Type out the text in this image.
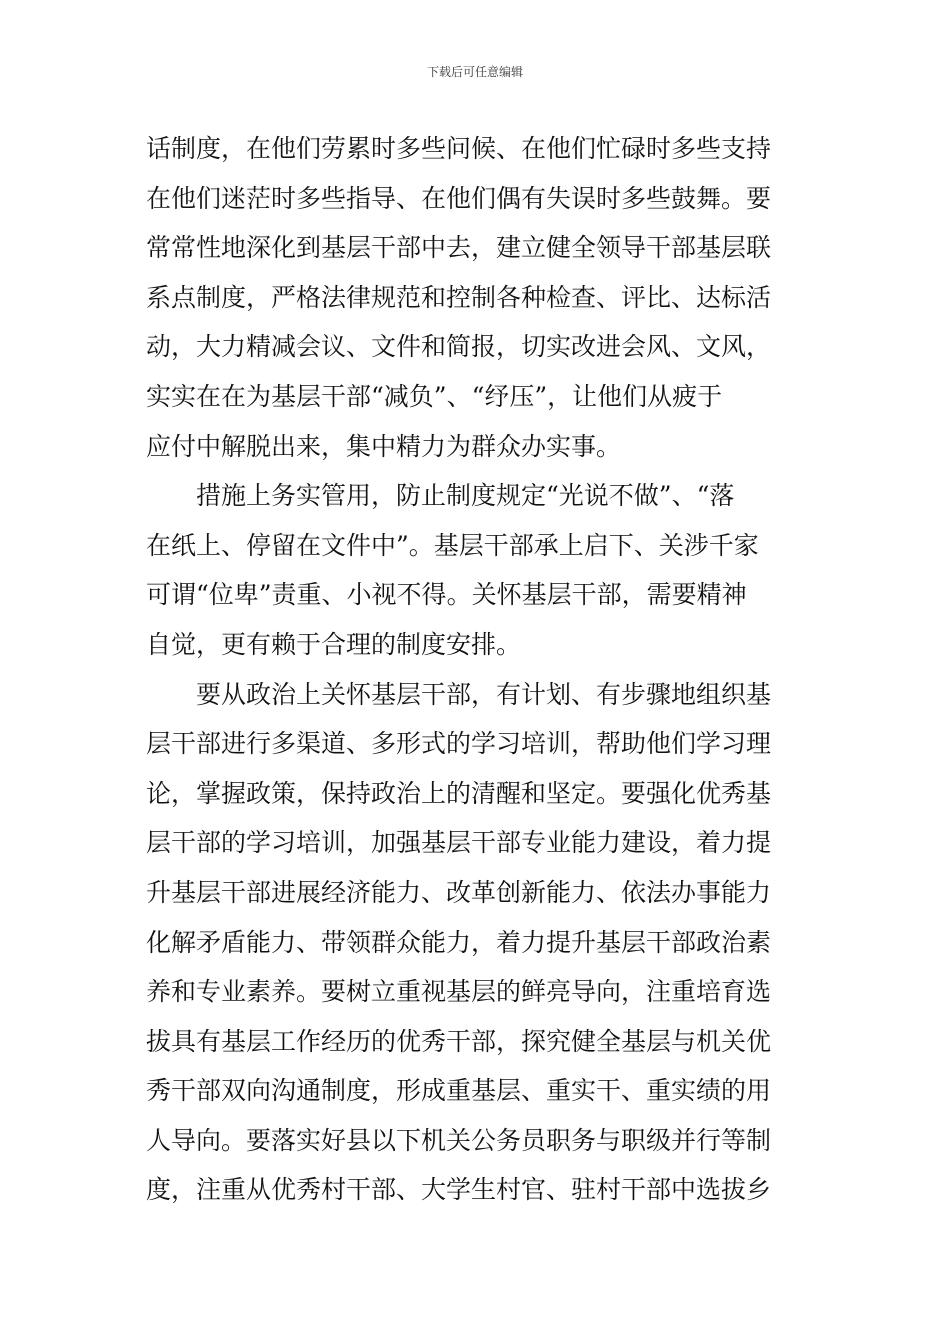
下载后可任意编辑
话制度，在他们劳累时多些问候、在他们忙碌时多些支持
在他们迷茫时多些指导、在他们偶有失误时多些鼓舞。要
常常性地深化到基层干部中去，建立健全领导干部基层联
系点制度，严格法律规范和控制各种检查、评比、达标活
动，大力精减会议、文件和简报，切实改进会风、文风，
实实在在为基层干部“减负”、“纾压”，让他们从疲于
应付中解脱出来，集中精力为群众办实事。
措施上务实管用，防止制度规定“光说不做”、“落
在纸上、停留在文件中”。基层干部承上启下、关涉千家
可谓“位卑”责重、小视不得。关怀基层干部，需要精神
自觉，更有赖于合理的制度安排。
要从政治上关怀基层干部，有计划、有步骤地组织基
层干部进行多渠道、多形式的学习培训，帮助他们学习理
论，掌握政策，保持政治上的清醒和坚定。要强化优秀基
层干部的学习培训，加强基层干部专业能力建设，着力提
升基层干部进展经济能力、改革创新能力、依法办事能力
化解矛盾能力、带领群众能力，着力提升基层干部政治素
养和专业素养。要树立重视基层的鲜亮导向，注重培育选
拔具有基层工作经历的优秀干部，探究健全基层与机关优
秀干部双向沟通制度，形成重基层、重实干、重实绩的用
人导向。要落实好县以下机关公务员职务与职级并行等制
度，注重从优秀村干部、大学生村官、驻村干部中选拔乡
